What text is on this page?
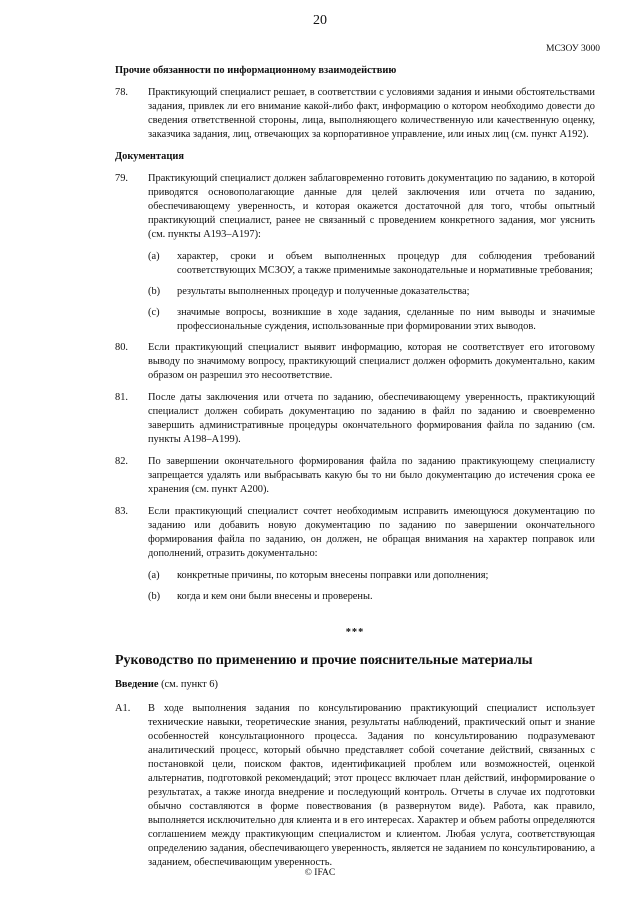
20
МСЗОУ 3000
Прочие обязанности по информационному взаимодействию
78.	Практикующий специалист решает, в соответствии с условиями задания и иными обстоятельствами задания, привлек ли его внимание какой-либо факт, информацию о котором необходимо довести до сведения ответственной стороны, лица, выполняющего количественную или качественную оценку, заказчика задания, лиц, отвечающих за корпоративное управление, или иных лиц (см. пункт A192).
Документация
79.	Практикующий специалист должен заблаговременно готовить документацию по заданию, в которой приводятся основополагающие данные для целей заключения или отчета по заданию, обеспечивающему уверенность, и которая окажется достаточной для того, чтобы опытный практикующий специалист, ранее не связанный с проведением конкретного задания, мог уяснить (см. пункты A193–A197):
(a)	характер, сроки и объем выполненных процедур для соблюдения требований соответствующих МСЗОУ, а также применимые законодательные и нормативные требования;
(b)	результаты выполненных процедур и полученные доказательства;
(c)	значимые вопросы, возникшие в ходе задания, сделанные по ним выводы и значимые профессиональные суждения, использованные при формировании этих выводов.
80.	Если практикующий специалист выявит информацию, которая не соответствует его итоговому выводу по значимому вопросу, практикующий специалист должен оформить документально, каким образом он разрешил это несоответствие.
81.	После даты заключения или отчета по заданию, обеспечивающему уверенность, практикующий специалист должен собирать документацию по заданию в файл по заданию и своевременно завершить административные процедуры окончательного формирования файла по заданию (см. пункты A198–A199).
82.	По завершении окончательного формирования файла по заданию практикующему специалисту запрещается удалять или выбрасывать какую бы то ни было документацию до истечения срока ее хранения (см. пункт A200).
83.	Если практикующий специалист сочтет необходимым исправить имеющуюся документацию по заданию или добавить новую документацию по заданию по завершении окончательного формирования файла по заданию, он должен, не обращая внимания на характер поправок или дополнений, отразить документально:
(a)	конкретные причины, по которым внесены поправки или дополнения;
(b)	когда и кем они были внесены и проверены.
***
Руководство по применению и прочие пояснительные материалы
Введение (см. пункт 6)
A1.	В ходе выполнения задания по консультированию практикующий специалист использует технические навыки, теоретические знания, результаты наблюдений, практический опыт и знание особенностей консультационного процесса. Задания по консультированию подразумевают аналитический процесс, который обычно представляет собой сочетание действий, связанных с постановкой цели, поиском фактов, идентификацией проблем или возможностей, оценкой альтернатив, подготовкой рекомендаций; этот процесс включает план действий, информирование о результатах, а также иногда внедрение и последующий контроль. Отчеты в случае их подготовки обычно составляются в форме повествования (в развернутом виде). Работа, как правило, выполняется исключительно для клиента и в его интересах. Характер и объем работы определяются соглашением между практикующим специалистом и клиентом. Любая услуга, соответствующая определению задания, обеспечивающего уверенность, является не заданием по консультированию, а заданием, обеспечивающим уверенность.
© IFAC
